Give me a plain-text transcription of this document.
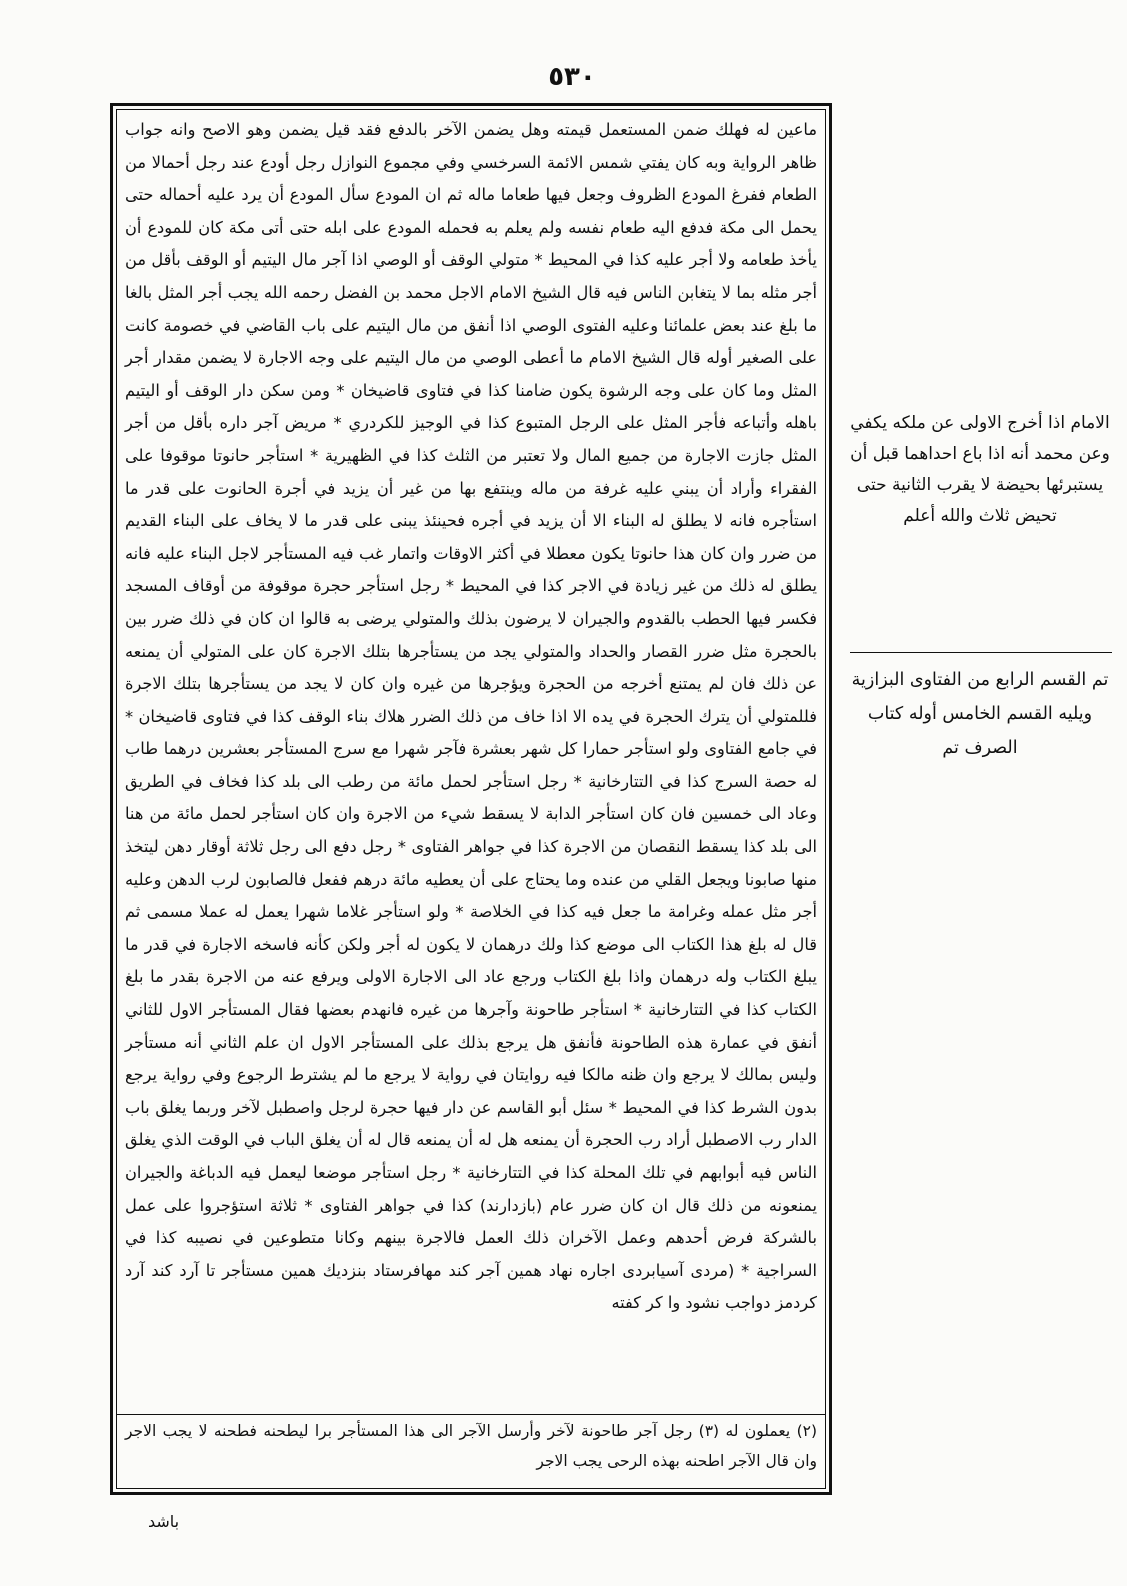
٥٣٠

ماعين له فهلك ضمن المستعمل قيمته وهل يضمن الآخر بالدفع فقد قيل يضمن وهو الاصح وانه جواب ظاهر الرواية وبه كان يفتي شمس الائمة السرخسي وفي مجموع النوازل رجل أودع عند رجل أحمالا من الطعام ففرغ المودع الظروف وجعل فيها طعاما ماله ثم ان المودع سأل المودع أن يرد عليه أحماله حتى يحمل الى مكة فدفع اليه طعام نفسه ولم يعلم به فحمله المودع على ابله حتى أتى مكة كان للمودع أن يأخذ طعامه ولا أجر عليه كذا في المحيط * متولي الوقف أو الوصي اذا آجر مال اليتيم أو الوقف بأقل من أجر مثله بما لا يتغابن الناس فيه قال الشيخ الامام الاجل محمد بن الفضل رحمه الله يجب أجر المثل بالغا ما بلغ عند بعض علمائنا وعليه الفتوى الوصي اذا أنفق من مال اليتيم على باب القاضي في خصومة كانت على الصغير أوله قال الشيخ الامام ما أعطى الوصي من مال اليتيم على وجه الاجارة لا يضمن مقدار أجر المثل وما كان على وجه الرشوة يكون ضامنا كذا في فتاوى قاضيخان * ومن سكن دار الوقف أو اليتيم باهله وأتباعه فأجر المثل على الرجل المتبوع كذا في الوجيز للكردري * مريض آجر داره بأقل من أجر المثل جازت الاجارة من جميع المال ولا تعتبر من الثلث كذا في الظهيرية * استأجر حانوتا موقوفا على الفقراء وأراد أن يبني عليه غرفة من ماله وينتفع بها من غير أن يزيد في أجرة الحانوت على قدر ما استأجره فانه لا يطلق له البناء الا أن يزيد في أجره فحينئذ يبنى على قدر ما لا يخاف على البناء القديم من ضرر وان كان هذا حانوتا يكون معطلا في أكثر الاوقات واتمار غب فيه المستأجر لاجل البناء عليه فانه يطلق له ذلك من غير زيادة في الاجر كذا في المحيط * رجل استأجر حجرة موقوفة من أوقاف المسجد فكسر فيها الحطب بالقدوم والجيران لا يرضون بذلك والمتولي يرضى به قالوا ان كان في ذلك ضرر بين بالحجرة مثل ضرر القصار والحداد والمتولي يجد من يستأجرها بتلك الاجرة كان على المتولي أن يمنعه عن ذلك فان لم يمتنع أخرجه من الحجرة ويؤجرها من غيره وان كان لا يجد من يستأجرها بتلك الاجرة فللمتولي أن يترك الحجرة في يده الا اذا خاف من ذلك الضرر هلاك بناء الوقف كذا في فتاوى قاضيخان * في جامع الفتاوى ولو استأجر حمارا كل شهر بعشرة فآجر شهرا مع سرج المستأجر بعشرين درهما طاب له حصة السرج كذا في التتارخانية * رجل استأجر لحمل مائة من رطب الى بلد كذا فخاف في الطريق وعاد الى خمسين فان كان استأجر الدابة لا يسقط شيء من الاجرة وان كان استأجر لحمل مائة من هنا الى بلد كذا يسقط النقصان من الاجرة كذا في جواهر الفتاوى * رجل دفع الى رجل ثلاثة أوقار دهن ليتخذ منها صابونا ويجعل القلي من عنده وما يحتاج على أن يعطيه مائة درهم ففعل فالصابون لرب الدهن وعليه أجر مثل عمله وغرامة ما جعل فيه كذا في الخلاصة * ولو استأجر غلاما شهرا يعمل له عملا مسمى ثم قال له بلغ هذا الكتاب الى موضع كذا ولك درهمان لا يكون له أجر ولكن كأنه فاسخه الاجارة في قدر ما يبلغ الكتاب وله درهمان واذا بلغ الكتاب ورجع عاد الى الاجارة الاولى ويرفع عنه من الاجرة بقدر ما بلغ الكتاب كذا في التتارخانية * استأجر طاحونة وآجرها من غيره فانهدم بعضها فقال المستأجر الاول للثاني أنفق في عمارة هذه الطاحونة فأنفق هل يرجع بذلك على المستأجر الاول ان علم الثاني أنه مستأجر وليس بمالك لا يرجع وان ظنه مالكا فيه روايتان في رواية لا يرجع ما لم يشترط الرجوع وفي رواية يرجع بدون الشرط كذا في المحيط * سئل أبو القاسم عن دار فيها حجرة لرجل واصطبل لآخر وربما يغلق باب الدار رب الاصطبل أراد رب الحجرة أن يمنعه هل له أن يمنعه قال له أن يغلق الباب في الوقت الذي يغلق الناس فيه أبوابهم في تلك المحلة كذا في التتارخانية * رجل استأجر موضعا ليعمل فيه الدباغة والجيران يمنعونه من ذلك قال ان كان ضرر عام (بازدارند) كذا في جواهر الفتاوى * ثلاثة استؤجروا على عمل بالشركة فرض أحدهم وعمل الآخران ذلك العمل فالاجرة بينهم وكانا متطوعين في نصيبه كذا في السراجية * (مردى آسيابردى اجاره نهاد همين آجر كند مهافرستاد بنزديك همين مستأجر تا آرد كند آرد كردمز دواجب نشود وا كر كفته

(٢) يعملون له (٣) رجل آجر طاحونة لآخر وأرسل الآجر الى هذا المستأجر برا ليطحنه فطحنه لا يجب الاجر وان قال الآجر اطحنه بهذه الرحى يجب الاجر
الامام اذا أخرج الاولى عن ملكه يكفي وعن محمد أنه اذا باع احداهما قبل أن يستبرئها بحيضة لا يقرب الثانية حتى تحيض ثلاث والله أعلم
تم القسم الرابع من الفتاوى البزازية ويليه القسم الخامس أوله كتاب الصرف تم
باشد
